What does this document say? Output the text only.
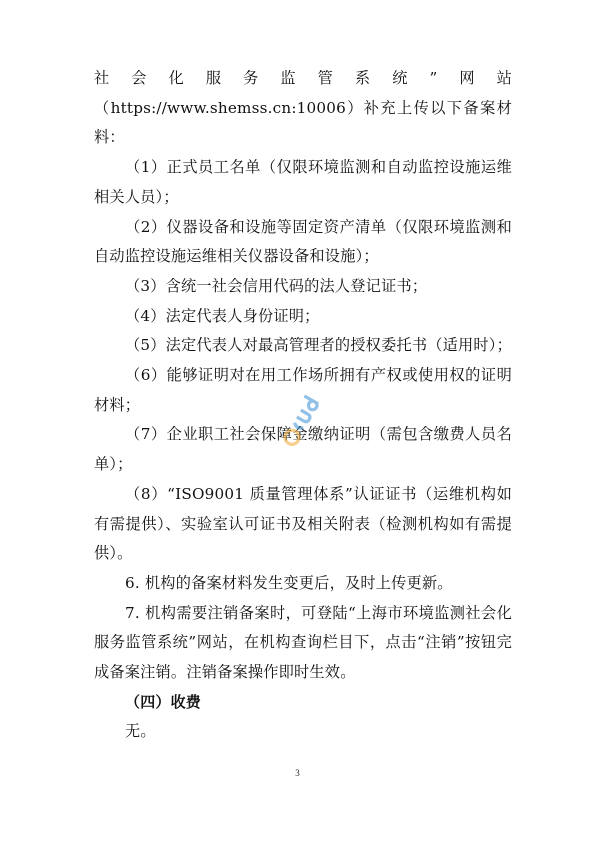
社会化服务监管系统”网站（https://www.shemss.cn:10006）补充上传以下备案材料：

（1）正式员工名单（仅限环境监测和自动监控设施运维相关人员）；

（2）仪器设备和设施等固定资产清单（仅限环境监测和自动监控设施运维相关仪器设备和设施）；

（3）含统一社会信用代码的法人登记证书；

（4）法定代表人身份证明；

（5）法定代表人对最高管理者的授权委托书（适用时）；

（6）能够证明对在用工作场所拥有产权或使用权的证明材料；

（7）企业职工社会保障金缴纳证明（需包含缴费人员名单）；

（8）“ISO9001 质量管理体系”认证证书（运维机构如有需提供）、实验室认可证书及相关附表（检测机构如有需提供）。

6. 机构的备案材料发生变更后，及时上传更新。

7. 机构需要注销备案时，可登陆“上海市环境监测社会化服务监管系统”网站，在机构查询栏目下，点击“注销”按钮完成备案注销。注销备案操作即时生效。

（四）收费

无。

3
